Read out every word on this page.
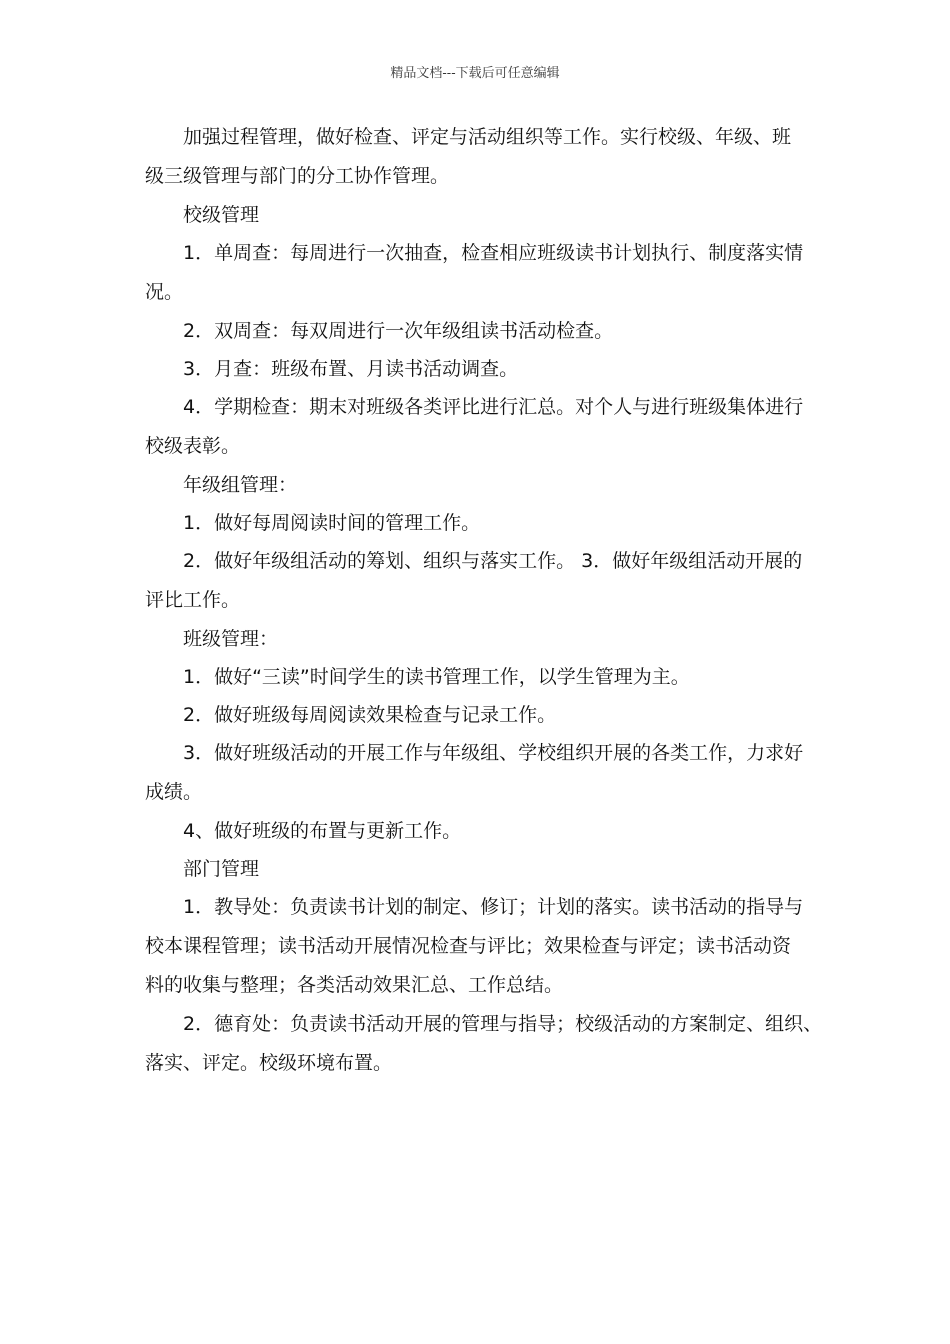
精品文档---下载后可任意编辑
加强过程管理，做好检查、评定与活动组织等工作。实行校级、年级、班
级三级管理与部门的分工协作管理。
校级管理
1．单周查：每周进行一次抽查，检查相应班级读书计划执行、制度落实情
况。
2．双周查：每双周进行一次年级组读书活动检查。
3．月查：班级布置、月读书活动调查。
4．学期检查：期末对班级各类评比进行汇总。对个人与进行班级集体进行
校级表彰。
年级组管理：
1．做好每周阅读时间的管理工作。
2．做好年级组活动的筹划、组织与落实工作。 3．做好年级组活动开展的
评比工作。
班级管理：
1．做好“三读”时间学生的读书管理工作，以学生管理为主。
2．做好班级每周阅读效果检查与记录工作。
3．做好班级活动的开展工作与年级组、学校组织开展的各类工作，力求好
成绩。
4、做好班级的布置与更新工作。
部门管理
1．教导处：负责读书计划的制定、修订；计划的落实。读书活动的指导与
校本课程管理；读书活动开展情况检查与评比；效果检查与评定；读书活动资
料的收集与整理；各类活动效果汇总、工作总结。
2．德育处：负责读书活动开展的管理与指导；校级活动的方案制定、组织、
落实、评定。校级环境布置。
